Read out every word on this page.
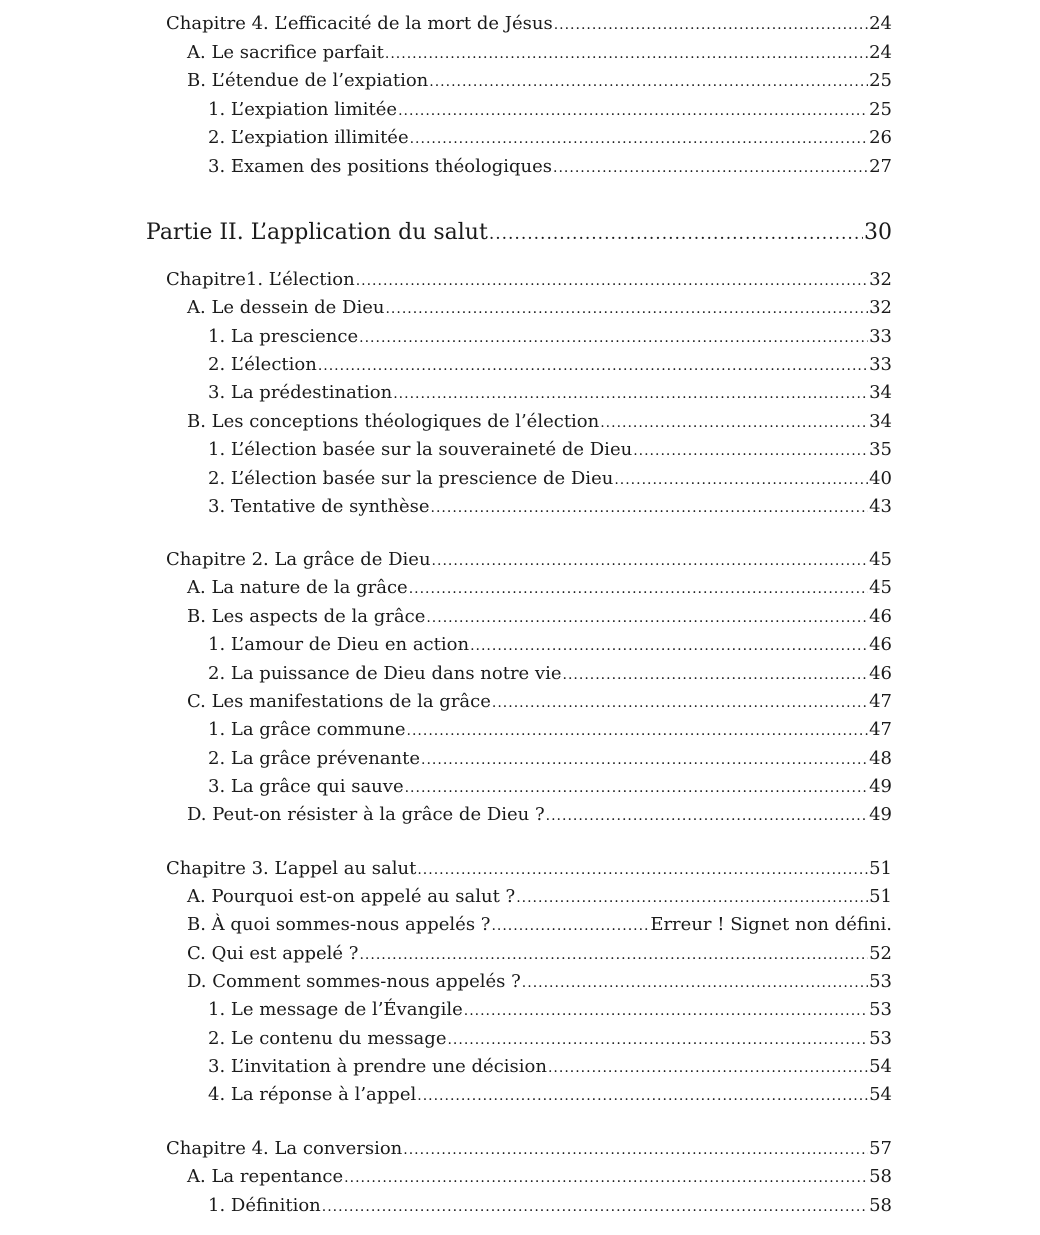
Chapitre 4. L’efficacité de la mort de Jésus .....	24
A. Le sacrifice parfait .....	24
B. L’étendue de l’expiation .....	25
1. L’expiation limitée .....	25
2. L’expiation illimitée .....	26
3. Examen des positions théologiques .....	27
Partie II. L’application du salut .....	30
Chapitre1. L’élection .....	32
A. Le dessein de Dieu .....	32
1. La prescience .....	33
2. L’élection .....	33
3. La prédestination .....	34
B. Les conceptions théologiques de l’élection .....	34
1. L’élection basée sur la souveraineté de Dieu .....	35
2. L’élection basée sur la prescience de Dieu .....	40
3. Tentative de synthèse .....	43
Chapitre 2. La grâce de Dieu .....	45
A. La nature de la grâce .....	45
B. Les aspects de la grâce .....	46
1. L’amour de Dieu en action .....	46
2. La puissance de Dieu dans notre vie .....	46
C. Les manifestations de la grâce .....	47
1. La grâce commune .....	47
2. La grâce prévenante .....	48
3. La grâce qui sauve .....	49
D. Peut-on résister à la grâce de Dieu ? .....	49
Chapitre 3. L’appel au salut .....	51
A. Pourquoi est-on appelé au salut ? .....	51
B. À quoi sommes-nous appelés ? .....	Erreur ! Signet non défini.
C. Qui est appelé ? .....	52
D. Comment sommes-nous appelés ? .....	53
1. Le message de l’Évangile .....	53
2. Le contenu du message .....	53
3. L’invitation à prendre une décision .....	54
4. La réponse à l’appel .....	54
Chapitre 4. La conversion .....	57
A. La repentance .....	58
1. Définition .....	58
